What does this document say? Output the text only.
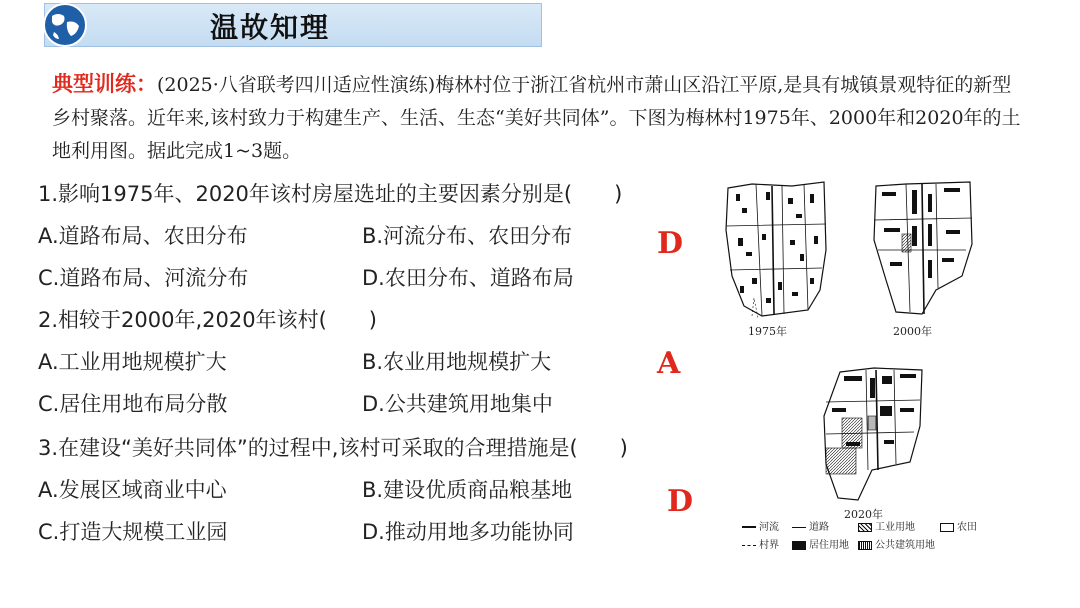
温故知理
典型训练：(2025·八省联考四川适应性演练)梅林村位于浙江省杭州市萧山区沿江平原,是具有城镇景观特征的新型乡村聚落。近年来,该村致力于构建生产、生活、生态“美好共同体”。下图为梅林村1975年、2000年和2020年的土地利用图。据此完成1~3题。
1.影响1975年、2020年该村房屋选址的主要因素分别是(　　)
A.道路布局、农田分布	B.河流分布、农田分布
C.道路布局、河流分布	D.农田分布、道路布局
D
2.相较于2000年,2020年该村(　　)
A.工业用地规模扩大	B.农业用地规模扩大
C.居住用地布局分散	D.公共建筑用地集中
A
3.在建设“美好共同体”的过程中,该村可采取的合理措施是(　　)
A.发展区域商业中心	B.建设优质商品粮基地
C.打造大规模工业园	D.推动用地多功能协同
D
1975年	2000年
2020年
河流	道路	工业用地	农田
村界	居住用地	公共建筑用地
